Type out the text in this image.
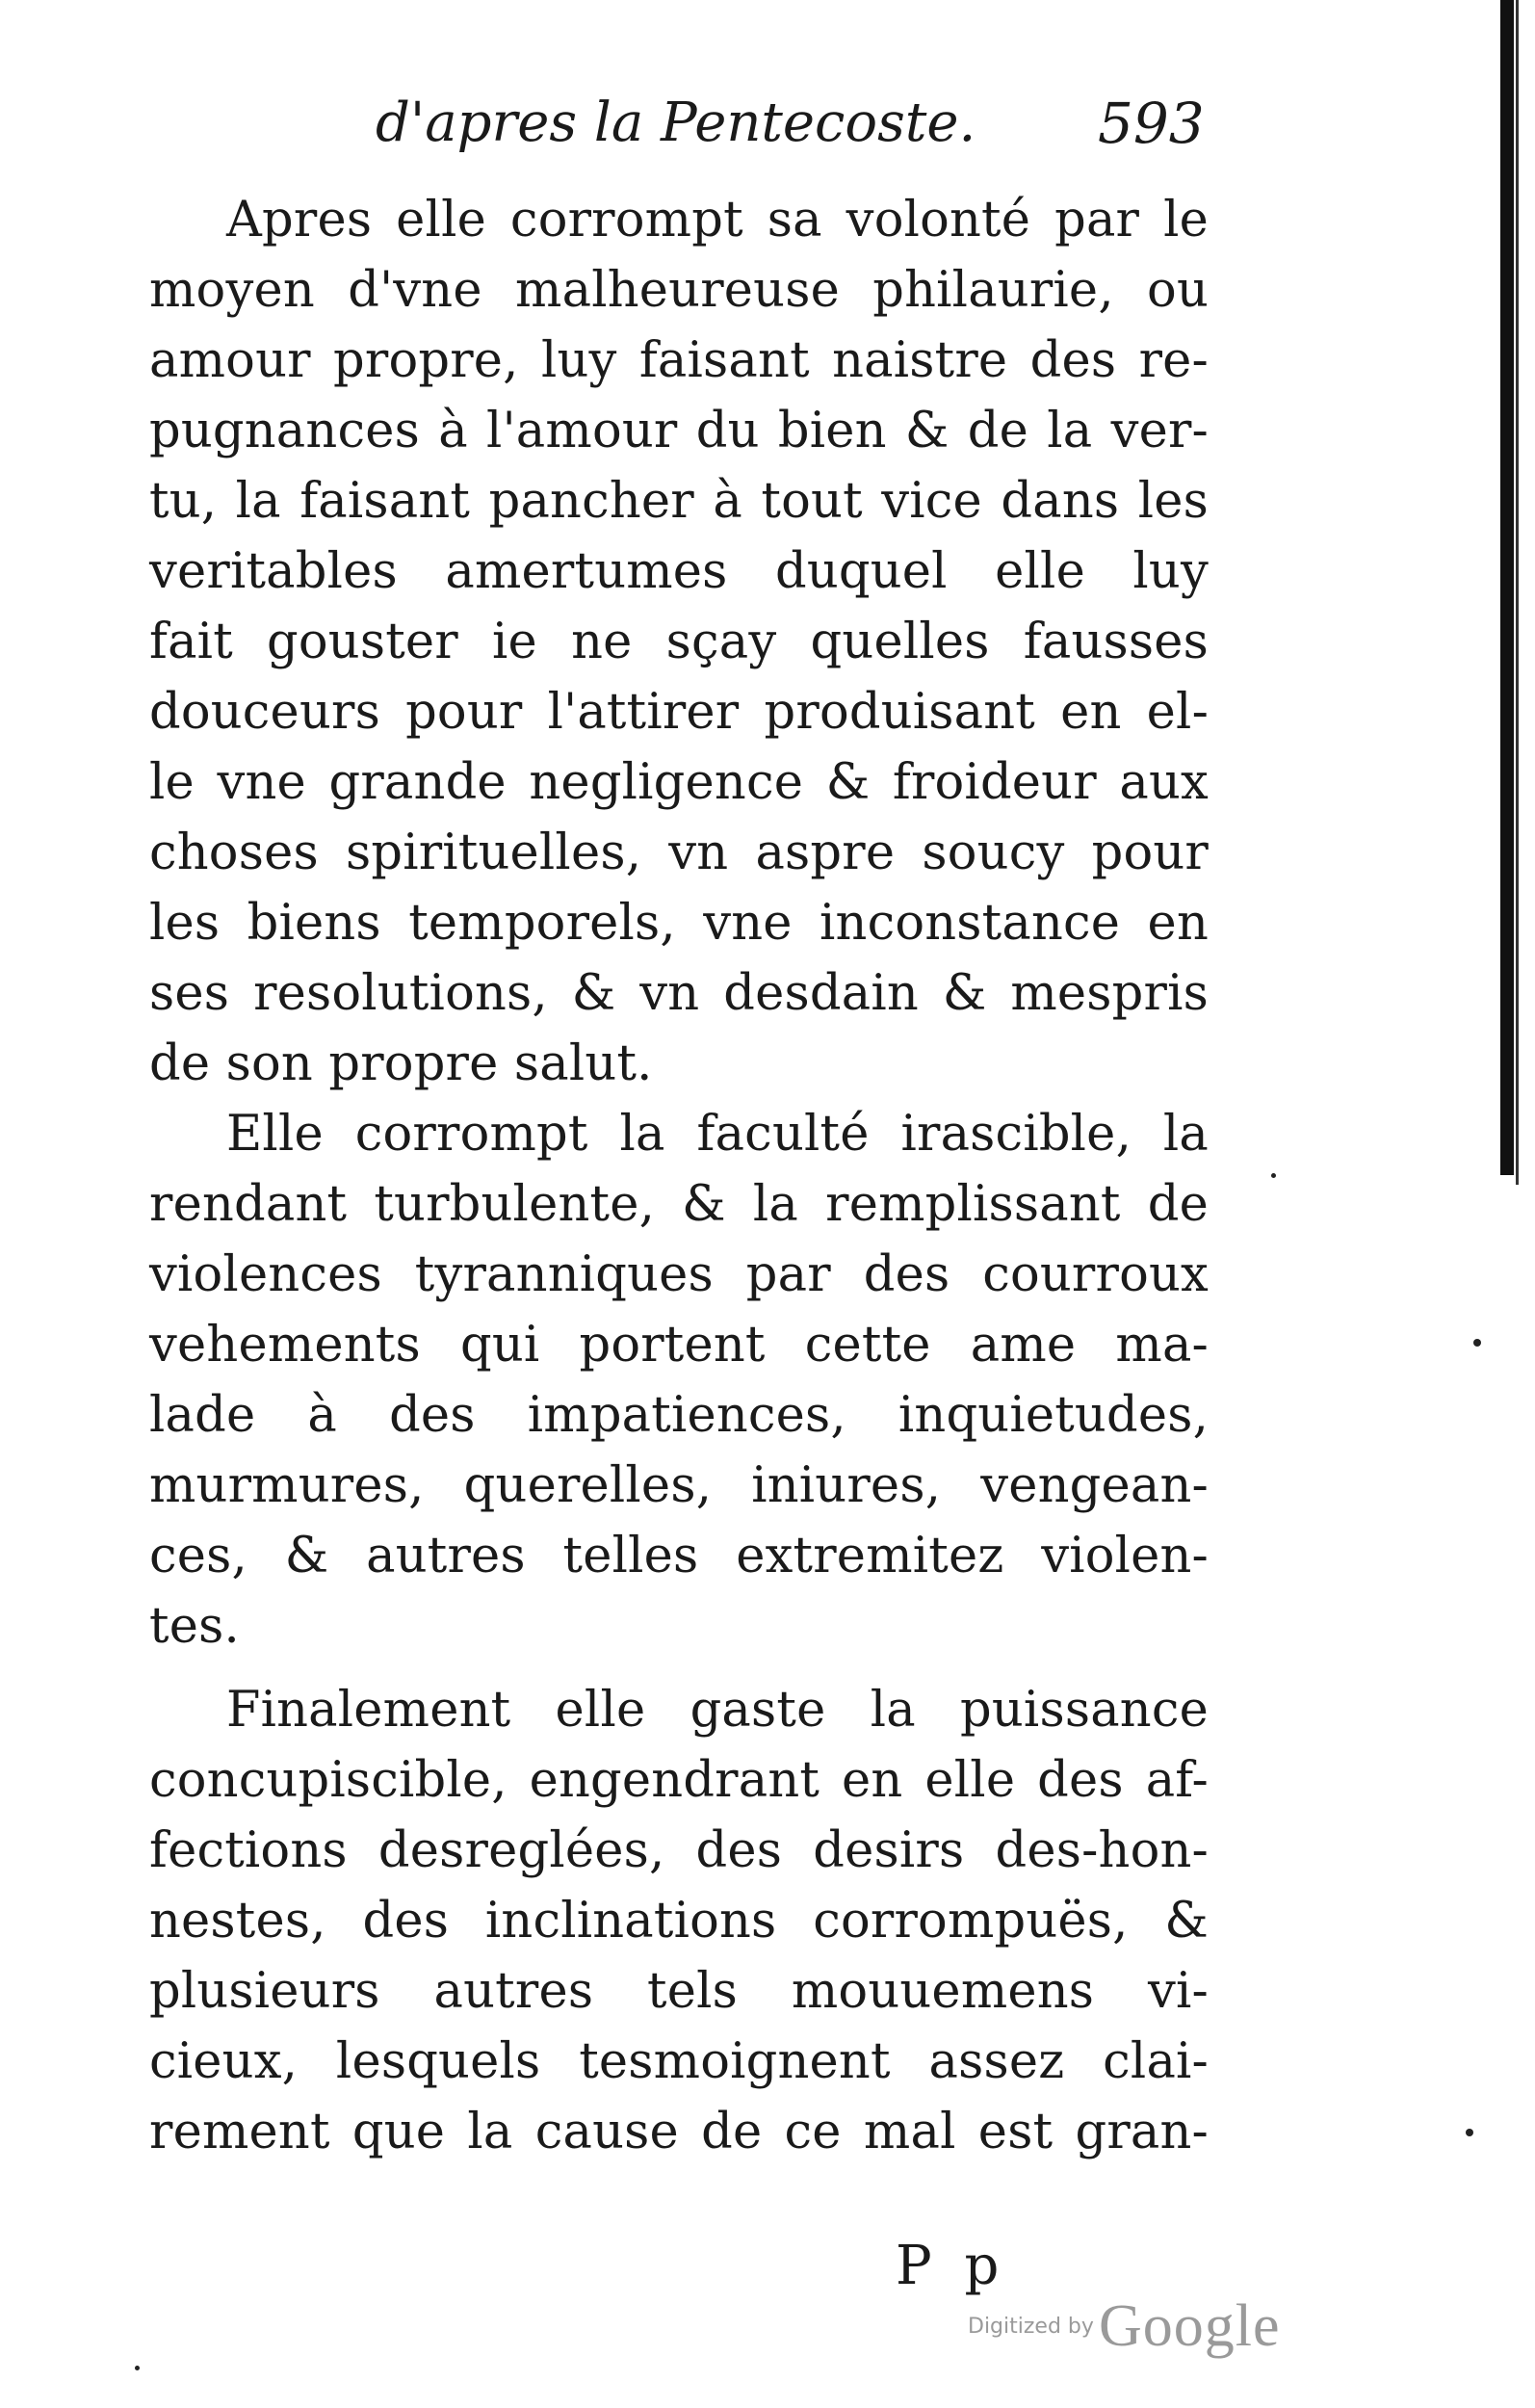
d'apres la Pentecoste. 593
Apres elle corrompt sa volonté par le
moyen d'vne malheureuse philaurie, ou
amour propre, luy faisant naistre des re-
pugnances à l'amour du bien & de la ver-
tu, la faisant pancher à tout vice dans les
veritables amertumes duquel elle luy
fait gouster ie ne sçay quelles fausses
douceurs pour l'attirer produisant en el-
le vne grande negligence & froideur aux
choses spirituelles, vn aspre soucy pour
les biens temporels, vne inconstance en
ses resolutions, & vn desdain & mespris
de son propre salut.
Elle corrompt la faculté irascible, la
rendant turbulente, & la remplissant de
violences tyranniques par des courroux
vehements qui portent cette ame ma-
lade à des impatiences, inquietudes,
murmures, querelles, iniures, vengean-
ces, & autres telles extremitez violen-
tes.
Finalement elle gaste la puissance
concupiscible, engendrant en elle des af-
fections desreglées, des desirs des-hon-
nestes, des inclinations corrompuës, &
plusieurs autres tels mouuemens vi-
cieux, lesquels tesmoignent assez clai-
rement que la cause de ce mal est gran-
P p
Digitized by Google
